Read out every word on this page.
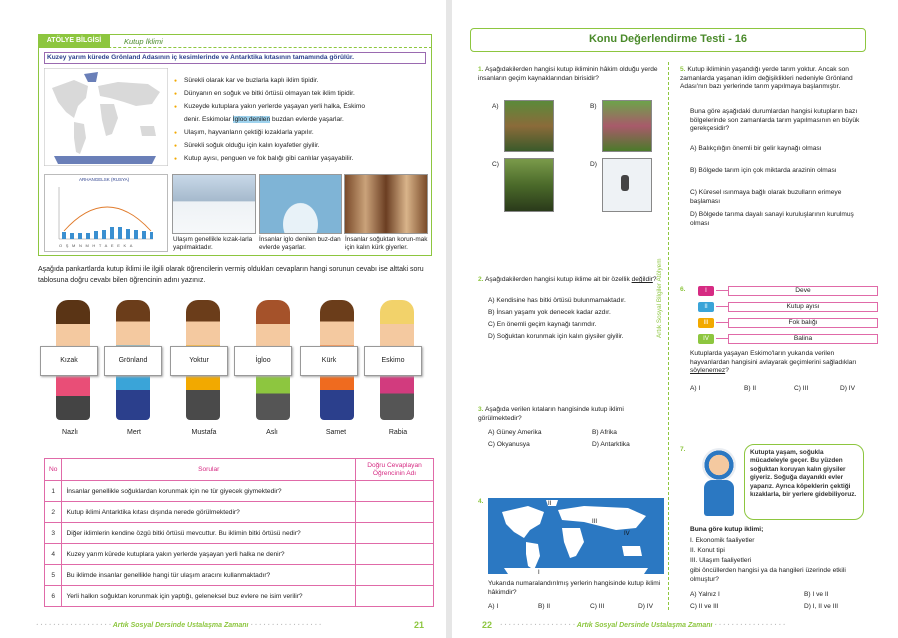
ATÖLYE BİLGİSİ	Kutup İklimi
Kuzey yarım kürede Grönland Adasının iç kesimlerinde ve Antarktika kıtasının tamamında görülür.
● Sürekli olarak kar ve buzlarla kaplı iklim tipidir.
● Dünyanın en soğuk ve bitki örtüsü olmayan tek iklim tipidir.
● Kuzeyde kutuplara yakın yerlerde yaşayan yerli halka, Eskimo
denir. Eskimolar İgloo denilen buzdan evlerde yaşarlar.
● Ulaşım, hayvanların çektiği kızaklarla yapılır.
● Sürekli soğuk olduğu için kalın kıyafetler giyilir.
● Kutup ayısı, penguen ve fok balığı gibi canlılar yaşayabilir.
ARHANGELSK (RUSYA)
OŞMNMHTAEEKA
Ulaşım genellikle kızak-larla yapılmaktadır.
İnsanlar iglo denilen buz-dan evlerde yaşarlar.
İnsanlar soğuktan korun-mak için kalın kürk giyerler.
Aşağıda pankartlarda kutup iklimi ile ilgili olarak öğrencilerin vermiş oldukları cevapların hangi sorunun cevabı ise alttaki soru tablosuna doğru cevabı bilen öğrencinin adını yazınız.
Kızak	Grönland	Yoktur	İgloo	Kürk	Eskimo
Nazlı	Mert	Mustafa	Aslı	Samet	Rabia
No	Sorular	Doğru Cevaplayan Öğrencinin Adı
1	İnsanlar genellikle soğuklardan korunmak için ne tür giyecek giymektedir?	
2	Kutup iklimi Antarktika kıtası dışında nerede görülmektedir?	
3	Diğer iklimlerin kendine özgü bitki örtüsü mevcuttur. Bu iklimin bitki örtüsü nedir?	
4	Kuzey yarım kürede kutuplara yakın yerlerde yaşayan yerli halka ne denir?	
5	Bu iklimde insanlar genellikle hangi tür ulaşım aracını kullanmaktadır?	
6	Yerli halkın soğuktan korunmak için yaptığı, geleneksel buz evlere ne isim verilir?	
· · · · · · · · · · · · · · · · · · Artık Sosyal Dersinde Ustalaşma Zamanı · · · · · · · · · · · · · · · · ·	21
Konu Değerlendirme Testi - 16
Artık Sosyal Bilgiler Atölyem
1. Aşağıdakilerden hangisi kutup ikliminin hâkim olduğu yerde insanların geçim kaynaklarından birisidir?
A)	B)
C)	D)
2. Aşağıdakilerden hangisi kutup iklime ait bir özellik değildir?
A) Kendisine has bitki örtüsü bulunmamaktadır.
B) İnsan yaşamı yok denecek kadar azdır.
C) En önemli geçim kaynağı tarımdır.
D) Soğuktan korunmak için kalın giysiler giyilir.
3. Aşağıda verilen kıtaların hangisinde kutup iklimi görülmektedir?
A) Güney Amerika	B) Afrika
C) Okyanusya	D) Antarktika
4.	II
III
IV
I
Yukarıda numaralandırılmış yerlerin hangisinde kutup iklimi hâkimdir?
A) I	B) II	C) III	D) IV
5. Kutup ikliminin yaşandığı yerde tarım yoktur. Ancak son zamanlarda yaşanan iklim değişiklikleri nedeniyle Grönland Adası'nın bazı yerlerinde tarım yapılmaya başlanmıştır.
Buna göre aşağıdaki durumlardan hangisi kutupların bazı bölgelerinde son zamanlarda tarım yapılmasının en büyük gerekçesidir?
A) Balıkçılığın önemli bir gelir kaynağı olması
B) Bölgede tarım için çok miktarda arazinin olması
C) Küresel ısınmaya bağlı olarak buzulların erimeye başlaması
D) Bölgede tarıma dayalı sanayi kuruluşlarının kurulmuş olması
6.	I	Deve
II	Kutup ayısı
III	Fok balığı
IV	Balina
Kutuplarda yaşayan Eskimo'ların yukarıda verilen hayvanlardan hangisini avlayarak geçimlerini sağladıkları söylenemez?
A) I	B) II	C) III	D) IV
7.	Kutupta yaşam, soğukla mücadeleyle geçer. Bu yüzden soğuktan koruyan kalın giysiler giyeriz. Soğuğa dayanıklı evler yaparız. Ayrıca köpeklerin çektiği kızaklarla, bir yerlere gidebiliyoruz.
Buna göre kutup iklimi;
I. Ekonomik faaliyetler
II. Konut tipi
III. Ulaşım faaliyetleri
gibi öncüllerden hangisi ya da hangileri üzerinde etkili olmuştur?
A) Yalnız I	B) I ve II
C) II ve III	D) I, II ve III
22 · · · · · · · · · · · · · · · · · · Artık Sosyal Dersinde Ustalaşma Zamanı · · · · · · · · · · · · · · · · ·
